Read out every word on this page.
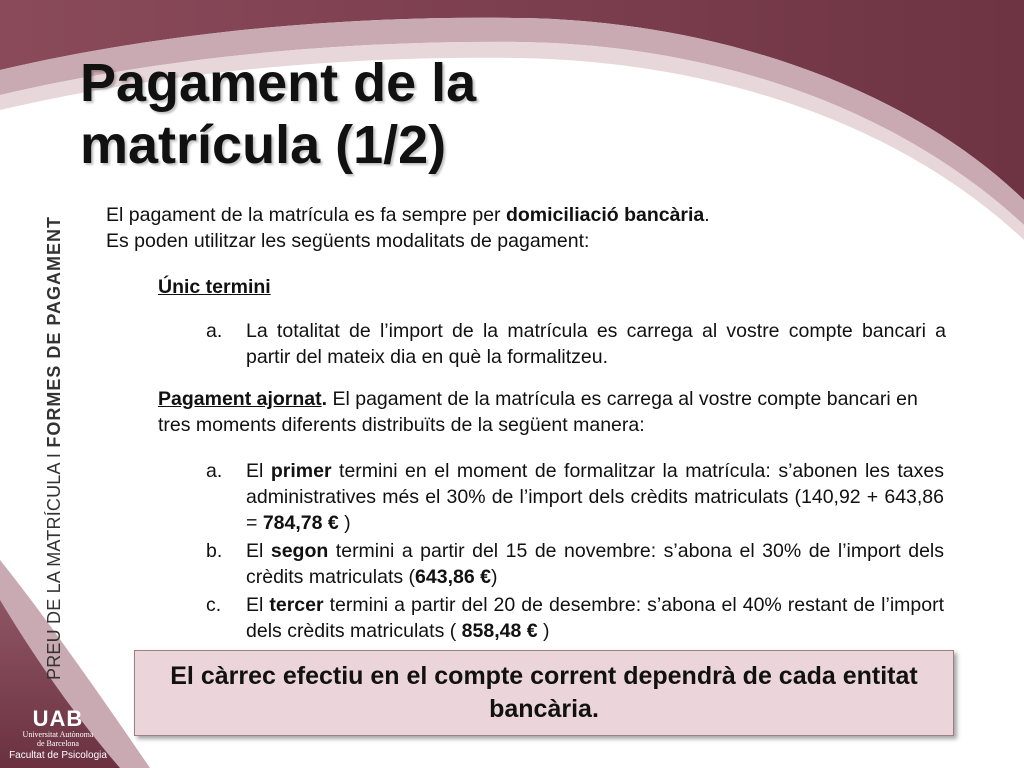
Pagament de la
matrícula (1/2)
PREU DE LA MATRÍCULA I FORMES DE PAGAMENT
El pagament de la matrícula es fa sempre per domiciliació bancària.
Es poden utilitzar les següents modalitats de pagament:
Únic termini
a. La totalitat de l’import de la matrícula es carrega al vostre compte bancari a partir del mateix dia en què la formalitzeu.
Pagament ajornat. El pagament de la matrícula es carrega al vostre compte bancari en tres moments diferents distribuïts de la següent manera:
a. El primer termini en el moment de formalitzar la matrícula: s’abonen les taxes administratives més el 30% de l’import dels crèdits matriculats (140,92 + 643,86 = 784,78 € )
b. El segon termini a partir del 15 de novembre: s’abona el 30% de l’import dels crèdits matriculats (643,86 €)
c. El tercer termini a partir del 20 de desembre: s’abona el 40% restant de l’import dels crèdits matriculats ( 858,48 € )
El càrrec efectiu en el compte corrent dependrà de cada entitat bancària.
UAB
Universitat Autònoma
de Barcelona
Facultat de Psicologia
